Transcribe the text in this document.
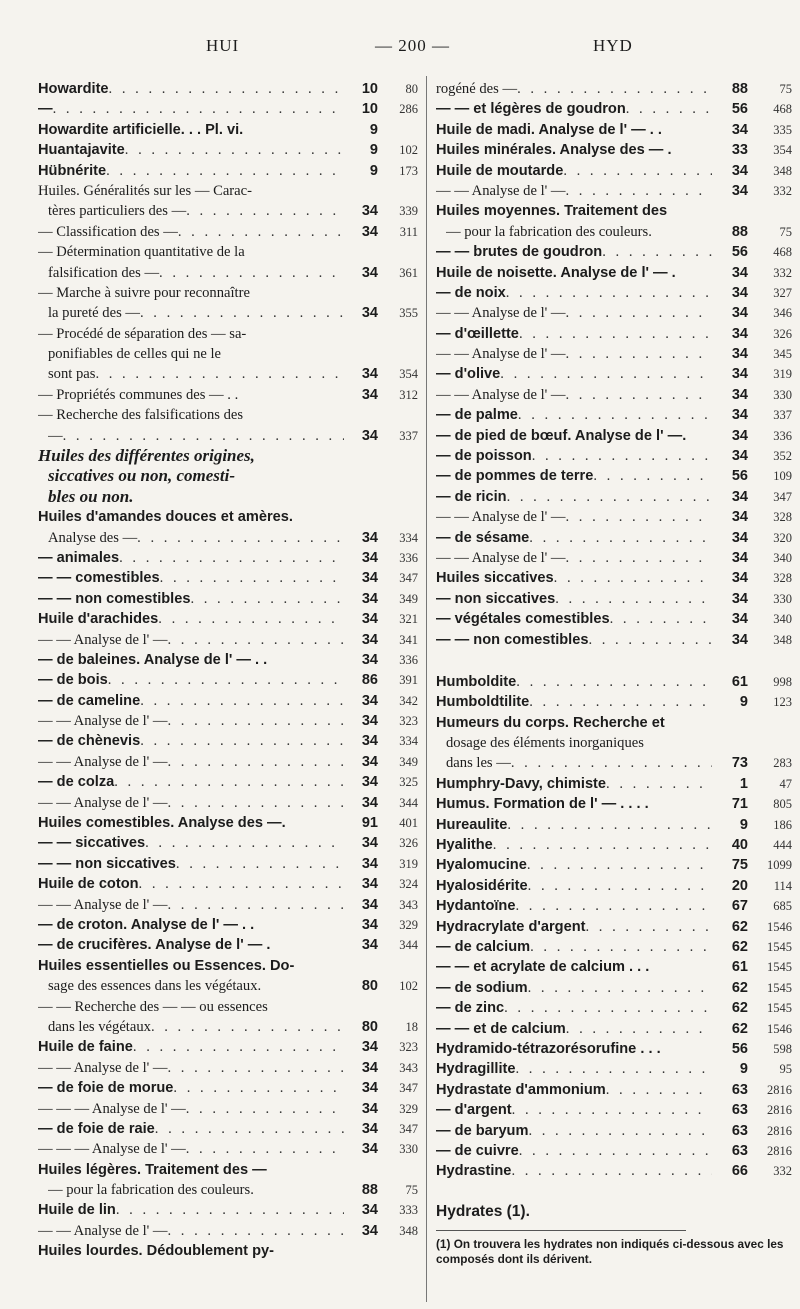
HUI	— 200 —	HYD
Howardite . . .	10	80
— . . .	10	286
Howardite artificielle. . . Pl. vi.	9
Huantajavite . . .	9	102
Hübnérite . . .	9	173
Huiles. Généralités sur les — Carac-
tères particuliers des — . . .	34	339
— Classification des — . . .	34	311
— Détermination quantitative de la
falsification des — . . .	34	361
— Marche à suivre pour reconnaître
la pureté des — . . .	34	355
— Procédé de séparation des — sa-
ponifiables de celles qui ne le
sont pas . . .	34	354
— Propriétés communes des — . .	34	312
— Recherche des falsifications des
— . . .	34	337
Huiles des différentes origines,
siccatives ou non, comesti-
bles ou non.
Huiles d'amandes douces et amères.
Analyse des — . . .	34	334
— animales . . .	34	336
— — comestibles . . .	34	347
— — non comestibles . . .	34	349
Huile d'arachides . . .	34	321
— — Analyse de l' — . . .	34	341
— de baleines. Analyse de l' — . .	34	336
— de bois . . .	86	391
— de cameline . . .	34	342
— — Analyse de l' — . . .	34	323
— de chènevis . . .	34	334
— — Analyse de l' — . . .	34	349
— de colza . . .	34	325
— — Analyse de l' — . . .	34	344
Huiles comestibles. Analyse des —.	91	401
— — siccatives . . .	34	326
— — non siccatives . . .	34	319
Huile de coton . . .	34	324
— — Analyse de l' — . . .	34	343
— de croton. Analyse de l' — . .	34	329
— de crucifères. Analyse de l' — .	34	344
Huiles essentielles ou Essences. Do-
sage des essences dans les végétaux.	80	102
— — Recherche des — — ou essences
dans les végétaux . . .	80	18
Huile de faine . . .	34	323
— — Analyse de l' — . . .	34	343
— de foie de morue . . .	34	347
— — — Analyse de l' — . . .	34	329
— de foie de raie . . .	34	347
— — — Analyse de l' — . . .	34	330
Huiles légères. Traitement des —
— pour la fabrication des couleurs.	88	75
Huile de lin . . .	34	333
— — Analyse de l' — . . .	34	348
Huiles lourdes. Dédoublement py-
rogéné des — . . .	88	75
— — et légères de goudron . . .	56	468
Huile de madi. Analyse de l' — . .	34	335
Huiles minérales. Analyse des — .	33	354
Huile de moutarde . . .	34	348
— — Analyse de l' — . . .	34	332
Huiles moyennes. Traitement des
— pour la fabrication des couleurs.	88	75
— — brutes de goudron . . .	56	468
Huile de noisette. Analyse de l' — .	34	332
— de noix . . .	34	327
— — Analyse de l' — . . .	34	346
— d'œillette . . .	34	326
— — Analyse de l' — . . .	34	345
— d'olive . . .	34	319
— — Analyse de l' — . . .	34	330
— de palme . . .	34	337
— de pied de bœuf. Analyse de l' —.	34	336
— de poisson . . .	34	352
— de pommes de terre . . .	56	109
— de ricin . . .	34	347
— — Analyse de l' — . . .	34	328
— de sésame . . .	34	320
— — Analyse de l' — . . .	34	340
Huiles siccatives . . .	34	328
— non siccatives . . .	34	330
— végétales comestibles . . .	34	340
— — non comestibles . . .	34	348
Humboldite . . .	61	998
Humboldtilite . . .	9	123
Humeurs du corps. Recherche et
dosage des éléments inorganiques
dans les — . . .	73	283
Humphry-Davy, chimiste . . .	1	47
Humus. Formation de l' — . . . .	71	805
Hureaulite . . .	9	186
Hyalithe . . .	40	444
Hyalomucine . . .	75	1099
Hyalosidérite . . .	20	114
Hydantoïne . . .	67	685
Hydracrylate d'argent . . .	62	1546
— de calcium . . .	62	1545
— — et acrylate de calcium . . .	61	1545
— de sodium . . .	62	1545
— de zinc . . .	62	1545
— — et de calcium . . .	62	1546
Hydramido-tétrazorésorufine . . .	56	598
Hydragillite . . .	9	95
Hydrastate d'ammonium . . .	63	2816
— d'argent . . .	63	2816
— de baryum . . .	63	2816
— de cuivre . . .	63	2816
Hydrastine . . .	66	332
Hydrates (1).
(1) On trouvera les hydrates non indiqués ci-dessous avec les composés dont ils dérivent.
